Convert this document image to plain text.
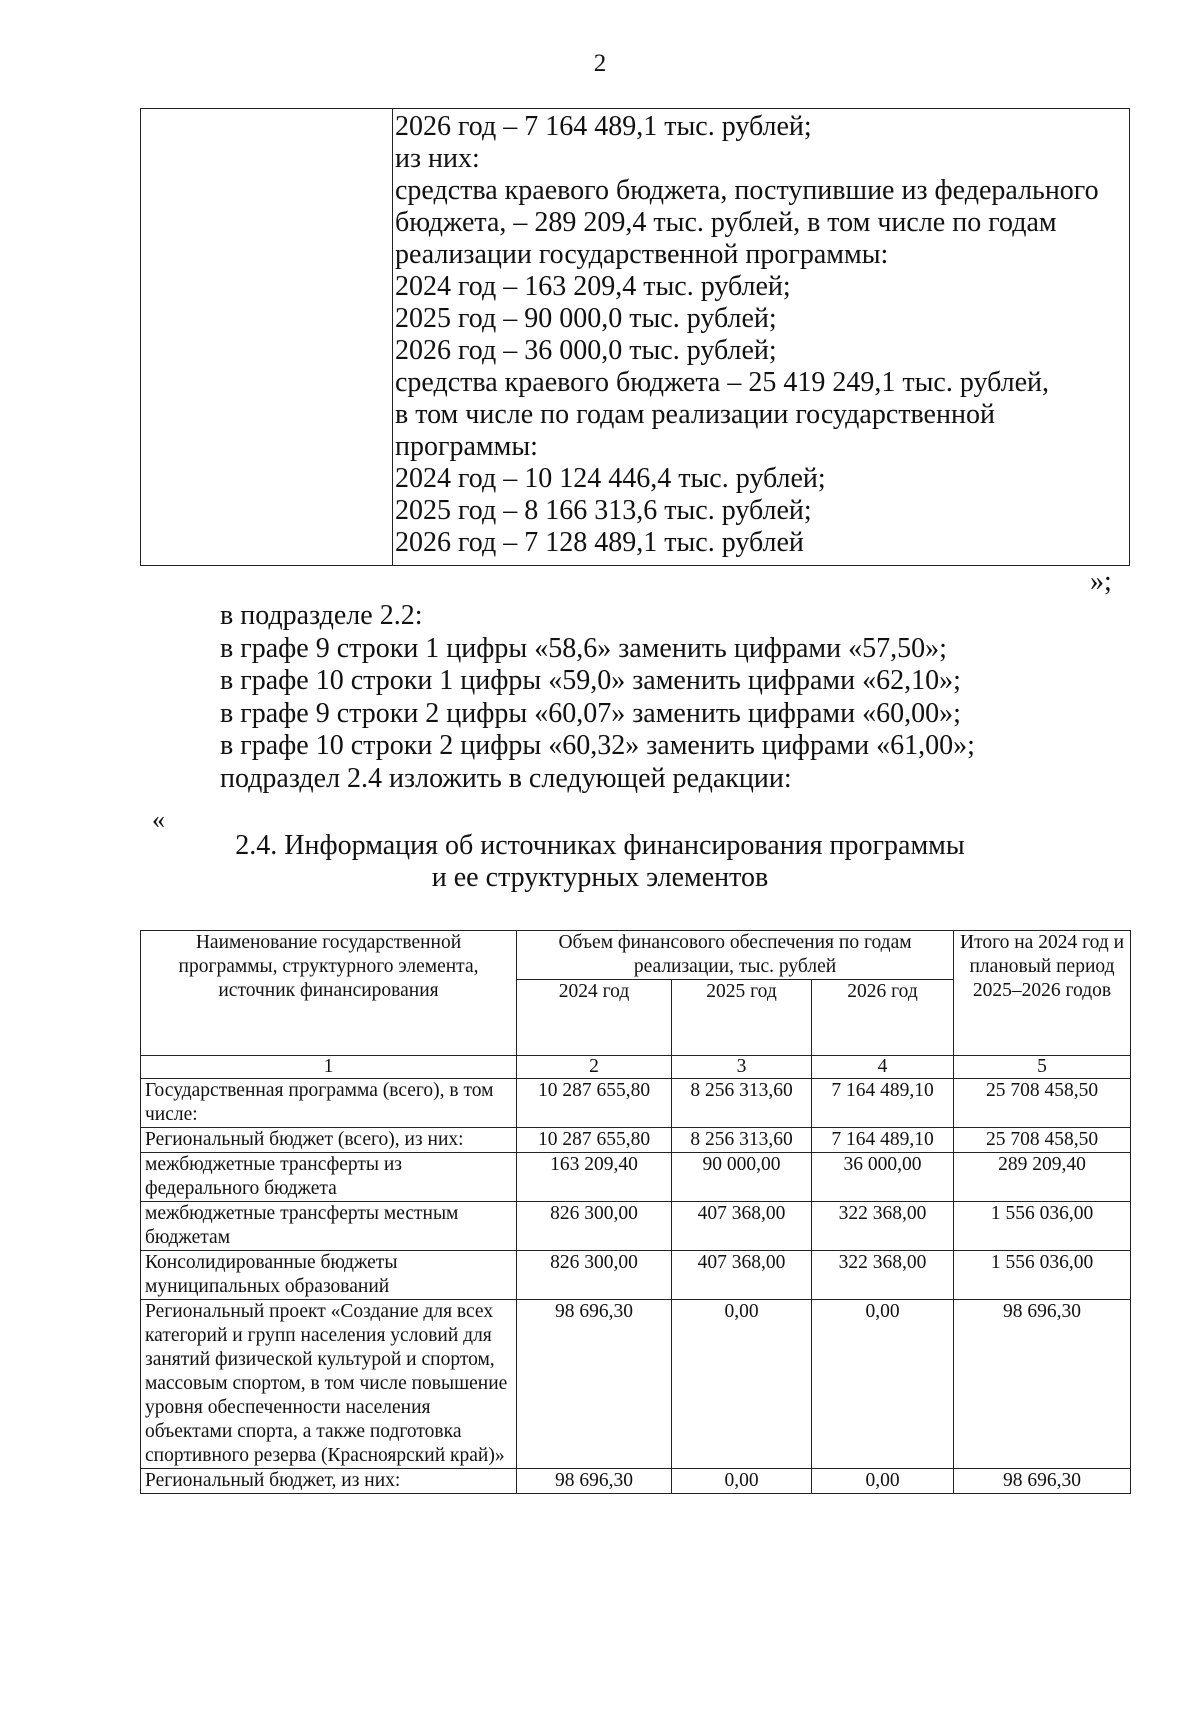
2
2026 год – 7 164 489,1 тыс. рублей;
из них:
средства краевого бюджета, поступившие из федерального
бюджета, – 289 209,4 тыс. рублей, в том числе по годам
реализации государственной программы:
2024 год – 163 209,4 тыс. рублей;
2025 год – 90 000,0 тыс. рублей;
2026 год – 36 000,0 тыс. рублей;
средства краевого бюджета – 25 419 249,1 тыс. рублей,
в том числе по годам реализации государственной
программы:
2024 год – 10 124 446,4 тыс. рублей;
2025 год – 8 166 313,6 тыс. рублей;
2026 год – 7 128 489,1 тыс. рублей
»;
в подразделе 2.2:
в графе 9 строки 1 цифры «58,6» заменить цифрами «57,50»;
в графе 10 строки 1 цифры «59,0» заменить цифрами «62,10»;
в графе 9 строки 2 цифры «60,07» заменить цифрами «60,00»;
в графе 10 строки 2 цифры «60,32» заменить цифрами «61,00»;
подраздел 2.4 изложить в следующей редакции:
«
2.4. Информация об источниках финансирования программы
и ее структурных элементов
Наименование государственной программы, структурного элемента, источник финансирования	Объем финансового обеспечения по годам реализации, тыс. рублей			Итого на 2024 год и плановый период 2025–2026 годов
	2024 год	2025 год	2026 год	
1	2	3	4	5
Государственная программа (всего), в том числе:	10 287 655,80	8 256 313,60	7 164 489,10	25 708 458,50
Региональный бюджет (всего), из них:	10 287 655,80	8 256 313,60	7 164 489,10	25 708 458,50
межбюджетные трансферты из федерального бюджета	163 209,40	90 000,00	36 000,00	289 209,40
межбюджетные трансферты местным бюджетам	826 300,00	407 368,00	322 368,00	1 556 036,00
Консолидированные бюджеты муниципальных образований	826 300,00	407 368,00	322 368,00	1 556 036,00
Региональный проект «Создание для всех категорий и групп населения условий для занятий физической культурой и спортом, массовым спортом, в том числе повышение уровня обеспеченности населения объектами спорта, а также подготовка спортивного резерва (Красноярский край)»	98 696,30	0,00	0,00	98 696,30
Региональный бюджет, из них:	98 696,30	0,00	0,00	98 696,30
